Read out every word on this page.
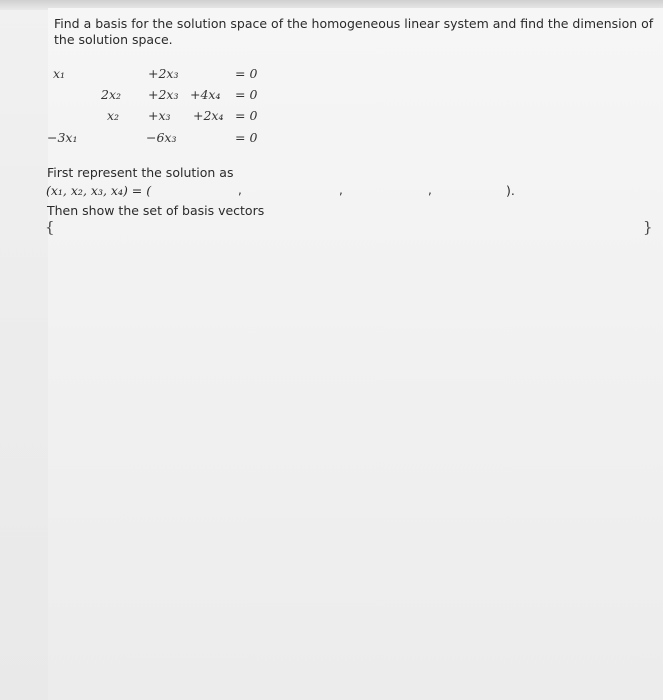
Find a basis for the solution space of the homogeneous linear system and find the dimension of the solution space.

x₁	+2x₃	= 0
2x₂ +2x₃ +4x₄ = 0
x₂ +x₃ +2x₄ = 0
−3x₁	−6x₃	= 0

First represent the solution as

(x₁, x₂, x₃, x₄) = (	,	,	,	).

Then show the set of basis vectors

{	}
